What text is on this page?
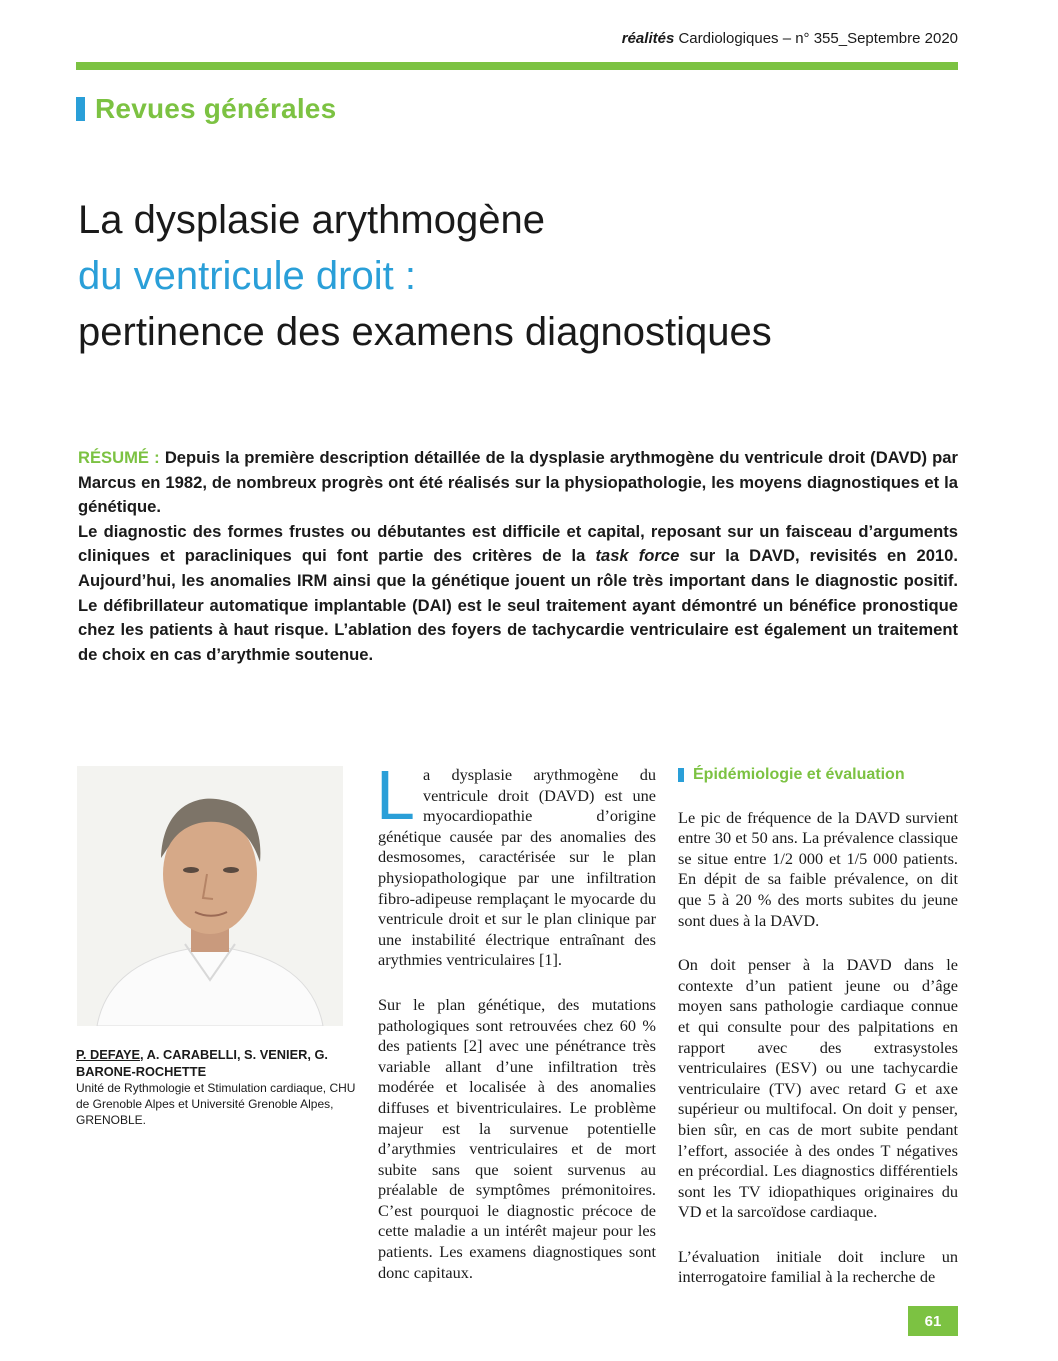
réalités Cardiologiques – n° 355_Septembre 2020
Revues générales
La dysplasie arythmogène
du ventricule droit :
pertinence des examens diagnostiques

RÉSUMÉ : Depuis la première description détaillée de la dysplasie arythmogène du ventricule droit (DAVD) par Marcus en 1982, de nombreux progrès ont été réalisés sur la physiopathologie, les moyens diagnostiques et la génétique.

Le diagnostic des formes frustes ou débutantes est difficile et capital, reposant sur un faisceau d’arguments cliniques et paracliniques qui font partie des critères de la task force sur la DAVD, revisités en 2010. Aujourd’hui, les anomalies IRM ainsi que la génétique jouent un rôle très important dans le diagnostic positif. Le défibrillateur automatique implantable (DAI) est le seul traitement ayant démontré un bénéfice pronostique chez les patients à haut risque. L’ablation des foyers de tachycardie ventriculaire est également un traitement de choix en cas d’arythmie soutenue.

P. DEFAYE, A. CARABELLI, S. VENIER, G. BARONE-ROCHETTE

Unité de Rythmologie et Stimulation cardiaque, CHU de Grenoble Alpes et Université Grenoble Alpes, GRENOBLE.

La dysplasie arythmogène du ventricule droit (DAVD) est une myocardiopathie d’origine génétique causée par des anomalies des desmosomes, caractérisée sur le plan physiopathologique par une infiltration fibro-adipeuse remplaçant le myocarde du ventricule droit et sur le plan clinique par une instabilité électrique entraînant des arythmies ventriculaires [1].

Sur le plan génétique, des mutations pathologiques sont retrouvées chez 60 % des patients [2] avec une pénétrance très variable allant d’une infiltration très modérée et localisée à des anomalies diffuses et biventriculaires. Le problème majeur est la survenue potentielle d’arythmies ventriculaires et de mort subite sans que soient survenus au préalable de symptômes prémonitoires. C’est pourquoi le diagnostic précoce de cette maladie a un intérêt majeur pour les patients. Les examens diagnostiques sont donc capitaux.

Épidémiologie et évaluation

Le pic de fréquence de la DAVD survient entre 30 et 50 ans. La prévalence classique se situe entre 1/2 000 et 1/5 000 patients. En dépit de sa faible prévalence, on dit que 5 à 20 % des morts subites du jeune sont dues à la DAVD.

On doit penser à la DAVD dans le contexte d’un patient jeune ou d’âge moyen sans pathologie cardiaque connue et qui consulte pour des palpitations en rapport avec des extrasystoles ventriculaires (ESV) ou une tachycardie ventriculaire (TV) avec retard G et axe supérieur ou multifocal. On doit y penser, bien sûr, en cas de mort subite pendant l’effort, associée à des ondes T négatives en précordial. Les diagnostics différentiels sont les TV idiopathiques originaires du VD et la sarcoïdose cardiaque.

L’évaluation initiale doit inclure un interrogatoire familial à la recherche de

61
